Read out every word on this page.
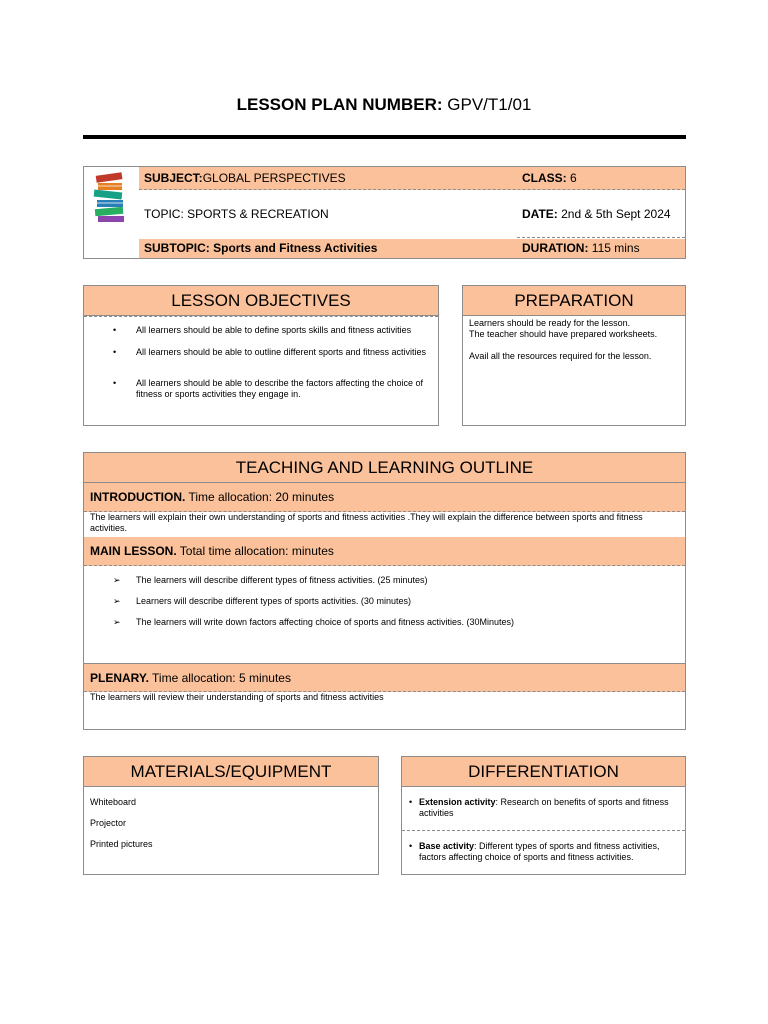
LESSON PLAN NUMBER: GPV/T1/01
SUBJECT:GLOBAL PERSPECTIVES	CLASS: 6
TOPIC: SPORTS & RECREATION	DATE: 2nd & 5th Sept 2024
SUBTOPIC: Sports and Fitness Activities	DURATION: 115 mins
LESSON OBJECTIVES
• All learners should be able to define sports skills and fitness activities
• All learners should be able to outline different sports and fitness activities
• All learners should be able to describe the factors affecting the choice of fitness or sports activities they engage in.
PREPARATION
Learners should be ready for the lesson.
The teacher should have prepared worksheets.
Avail all the resources required for the lesson.
TEACHING AND LEARNING OUTLINE
INTRODUCTION. Time allocation: 20 minutes
The learners will explain their own understanding of sports and fitness activities .They will explain the difference between sports and fitness activities.
MAIN LESSON. Total time allocation: minutes
➢ The learners will describe different types of fitness activities. (25 minutes)
➢ Learners will describe different types of sports activities. (30 minutes)
➢ The learners will write down factors affecting choice of sports and fitness activities. (30Minutes)
PLENARY. Time allocation: 5 minutes
The learners will review their understanding of sports and fitness activities
MATERIALS/EQUIPMENT
Whiteboard
Projector
Printed pictures
DIFFERENTIATION
• Extension activity: Research on benefits of sports and fitness activities
• Base activity: Different types of sports and fitness activities, factors affecting choice of sports and fitness activities.
